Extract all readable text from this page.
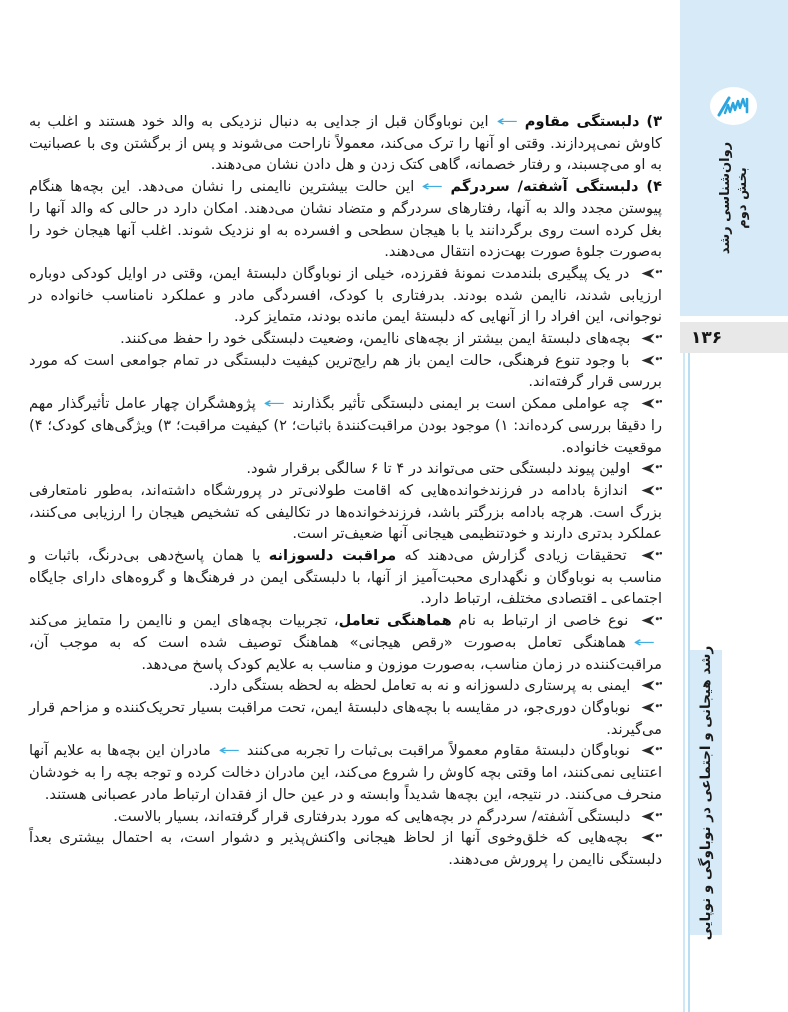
روان‌شناسی رشد بخش دوم
۱۳۶
رشد هیجانی و اجتماعی در نوباوگی و نوپایی

۳) دلبستگی مقاوم←این نوباوگان قبل از جدایی به دنبال نزدیکی به والد خود هستند و اغلب به کاوش نمی‌پردازند. وقتی او آنها را ترک می‌کند، معمولاً ناراحت می‌شوند و پس از برگشتن وی با عصبانیت به او می‌چسبند، و رفتار خصمانه، گاهی کتک زدن و هل دادن نشان می‌دهند.

۴) دلبستگی آشفته/ سردرگم←این حالت بیشترین ناایمنی را نشان می‌دهد. این بچه‌ها هنگام پیوستن مجدد والد به آنها، رفتارهای سردرگم و متضاد نشان می‌دهند. امکان دارد در حالی که والد آنها را بغل کرده است روی برگردانند یا با هیجان سطحی و افسرده به او نزدیک شوند. اغلب آنها هیجان خود را به‌صورت جلوهٔ صورت بهت‌زده انتقال می‌دهند.

در یک پیگیری بلندمدت نمونهٔ فقرزده، خیلی از نوباوگان دلبستهٔ ایمن، وقتی در اوایل کودکی دوباره ارزیابی شدند، ناایمن شده بودند. بدرفتاری با کودک، افسردگی مادر و عملکرد نامناسب خانواده در نوجوانی، این افراد را از آنهایی که دلبستهٔ ایمن مانده بودند، متمایز کرد.

بچه‌های دلبستهٔ ایمن بیشتر از بچه‌های ناایمن، وضعیت دلبستگی خود را حفظ می‌کنند.

با وجود تنوع فرهنگی، حالت ایمن باز هم رایج‌ترین کیفیت دلبستگی در تمام جوامعی است که مورد بررسی قرار گرفته‌اند.

چه عواملی ممکن است بر ایمنی دلبستگی تأثیر بگذارند←پژوهشگران چهار عامل تأثیرگذار مهم را دقیقا بررسی کرده‌اند: ۱) موجود بودن مراقبت‌کنندهٔ باثبات؛ ۲) کیفیت مراقبت؛ ۳) ویژگی‌های کودک؛ ۴) موقعیت خانواده.

اولین پیوند دلبستگی حتی می‌تواند در ۴ تا ۶ سالگی برقرار شود.

اندازهٔ بادامه در فرزندخوانده‌هایی که اقامت طولانی‌تر در پرورشگاه داشته‌اند، به‌طور نامتعارفی بزرگ است. هرچه بادامه بزرگتر باشد، فرزندخوانده‌ها در تکالیفی که تشخیص هیجان را ارزیابی می‌کنند، عملکرد بدتری دارند و خودتنظیمی هیجانی آنها ضعیف‌تر است.

تحقیقات زیادی گزارش می‌دهند که مراقبت دلسوزانه یا همان پاسخ‌دهی بی‌درنگ، باثبات و مناسب به نوباوگان و نگهداری محبت‌آمیز از آنها، با دلبستگی ایمن در فرهنگ‌ها و گروه‌های دارای جایگاه اجتماعی ـ اقتصادی مختلف، ارتباط دارد.

نوع خاصی از ارتباط به نام هماهنگی تعامل، تجربیات بچه‌های ایمن و ناایمن را متمایز می‌کند←هماهنگی تعامل به‌صورت «رقص هیجانی» هماهنگ توصیف شده است که به موجب آن، مراقبت‌کننده در زمان مناسب، به‌صورت موزون و مناسب به علایم کودک پاسخ می‌دهد.

ایمنی به پرستاری دلسوزانه و نه به تعامل لحظه به لحظه بستگی دارد.

نوباوگان دوری‌جو، در مقایسه با بچه‌های دلبستهٔ ایمن، تحت مراقبت بسیار تحریک‌کننده و مزاحم قرار می‌گیرند.

نوباوگان دلبستهٔ مقاوم معمولاً مراقبت بی‌ثبات را تجربه می‌کنند←مادران این بچه‌ها به علایم آنها اعتنایی نمی‌کنند، اما وقتی بچه کاوش را شروع می‌کند، این مادران دخالت کرده و توجه بچه را به خودشان منحرف می‌کنند. در نتیجه، این بچه‌ها شدیداً وابسته و در عین حال از فقدان ارتباط مادر عصبانی هستند.

دلبستگی آشفته/ سردرگم در بچه‌هایی که مورد بدرفتاری قرار گرفته‌اند، بسیار بالاست.

بچه‌هایی که خلق‌وخوی آنها از لحاظ هیجانی واکنش‌پذیر و دشوار است، به احتمال بیشتری بعداً دلبستگی ناایمن را پرورش می‌دهند.
